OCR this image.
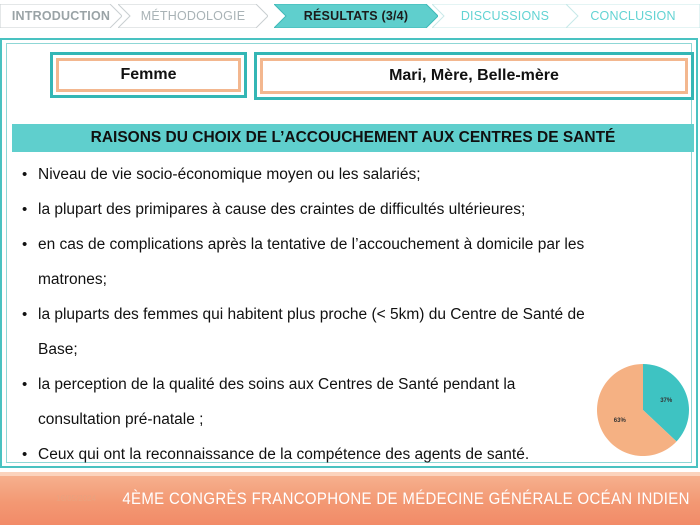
INTRODUCTION MÉTHODOLOGIE	RÉSULTATS (3/4)	DISCUSSIONS	CONCLUSION
Femme	Mari, Mère, Belle-mère
RAISONS DU CHOIX DE L’ACCOUCHEMENT AUX CENTRES DE SANTÉ
• Niveau de vie socio-économique moyen ou les salariés;
• la plupart des primipares à cause des craintes de difficultés ultérieures;
• en cas de complications après la tentative de l’accouchement à domicile par les
matrones;
• la pluparts des femmes qui habitent plus proche (< 5km) du Centre de Santé de
Base;
• la perception de la qualité des soins aux Centres de Santé pendant la
consultation pré-natale ;
• Ceux qui ont la reconnaissance de la compétence des agents de santé.
37%
63%
16/05/2024 4ÈME CONGRÈS FRANCOPHONE DE MÉDECINE GÉNÉRALE OCÉAN INDIEN
